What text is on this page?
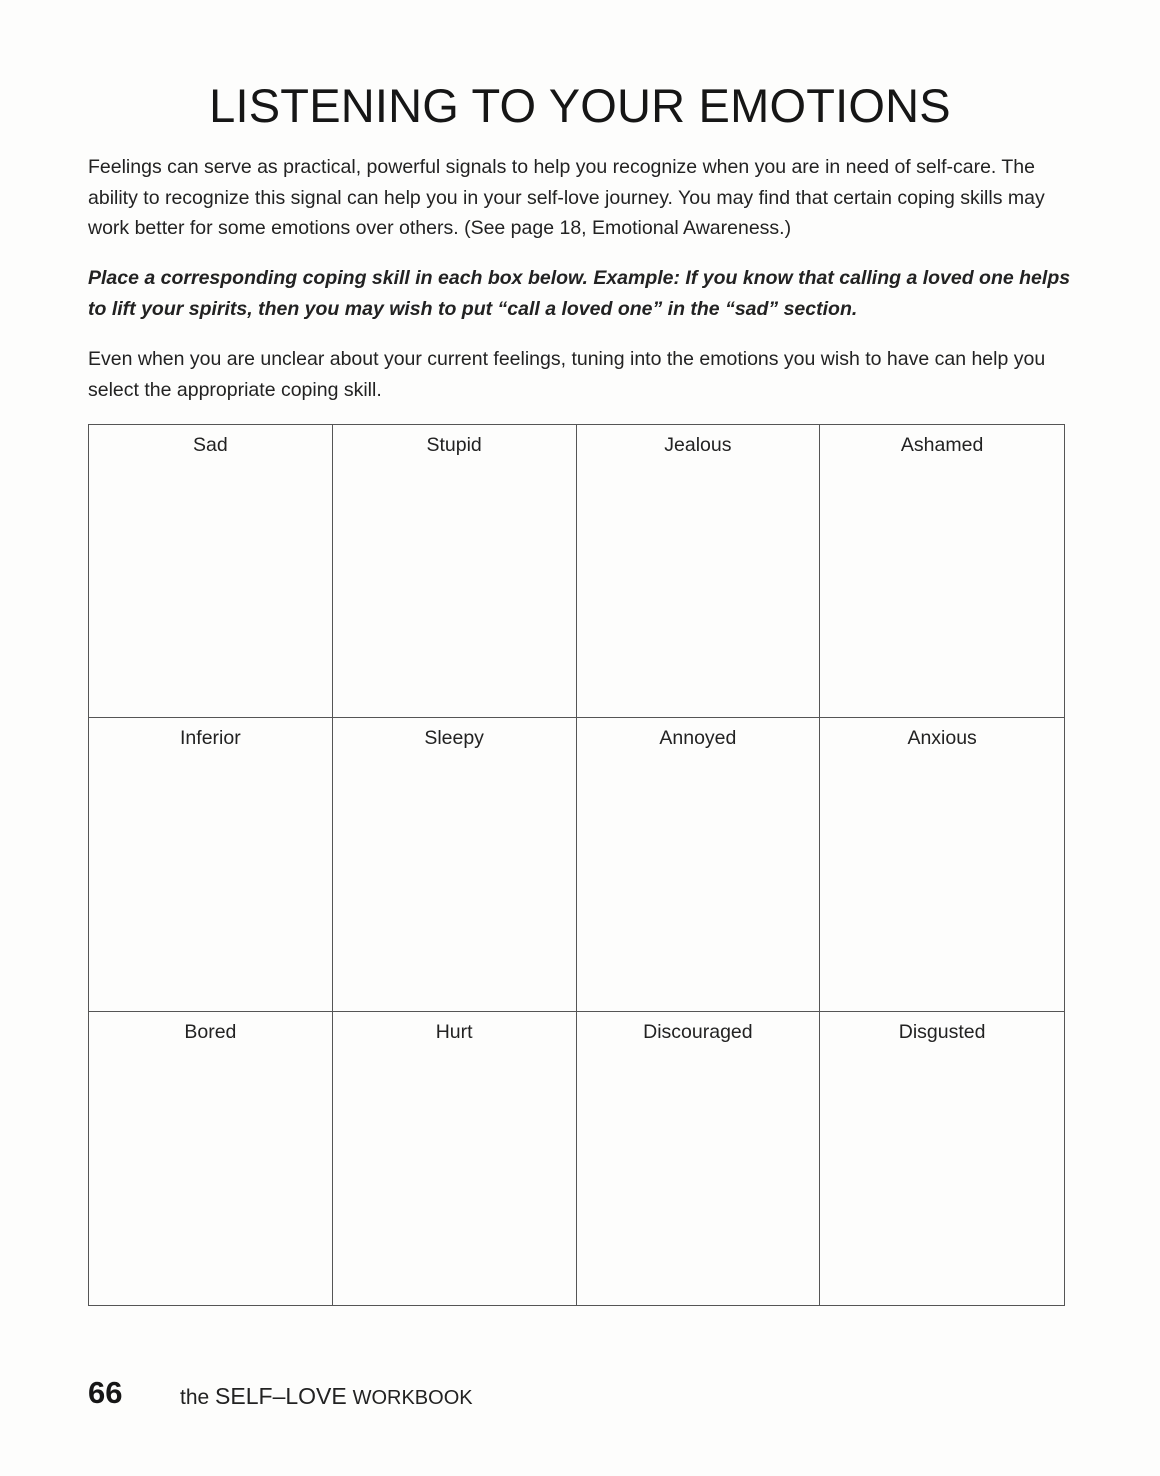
LISTENING TO YOUR EMOTIONS

Feelings can serve as practical, powerful signals to help you recognize when you are in need of self-care. The ability to recognize this signal can help you in your self-love journey. You may find that certain coping skills may work better for some emotions over others. (See page 18, Emotional Awareness.)

Place a corresponding coping skill in each box below. Example: If you know that calling a loved one helps to lift your spirits, then you may wish to put “call a loved one” in the “sad” section.

Even when you are unclear about your current feelings, tuning into the emotions you wish to have can help you select the appropriate coping skill.

Sad	Stupid	Jealous	Ashamed
Inferior	Sleepy	Annoyed	Anxious
Bored	Hurt	Discouraged	Disgusted
66	the SELF–LOVE WORKBOOK
